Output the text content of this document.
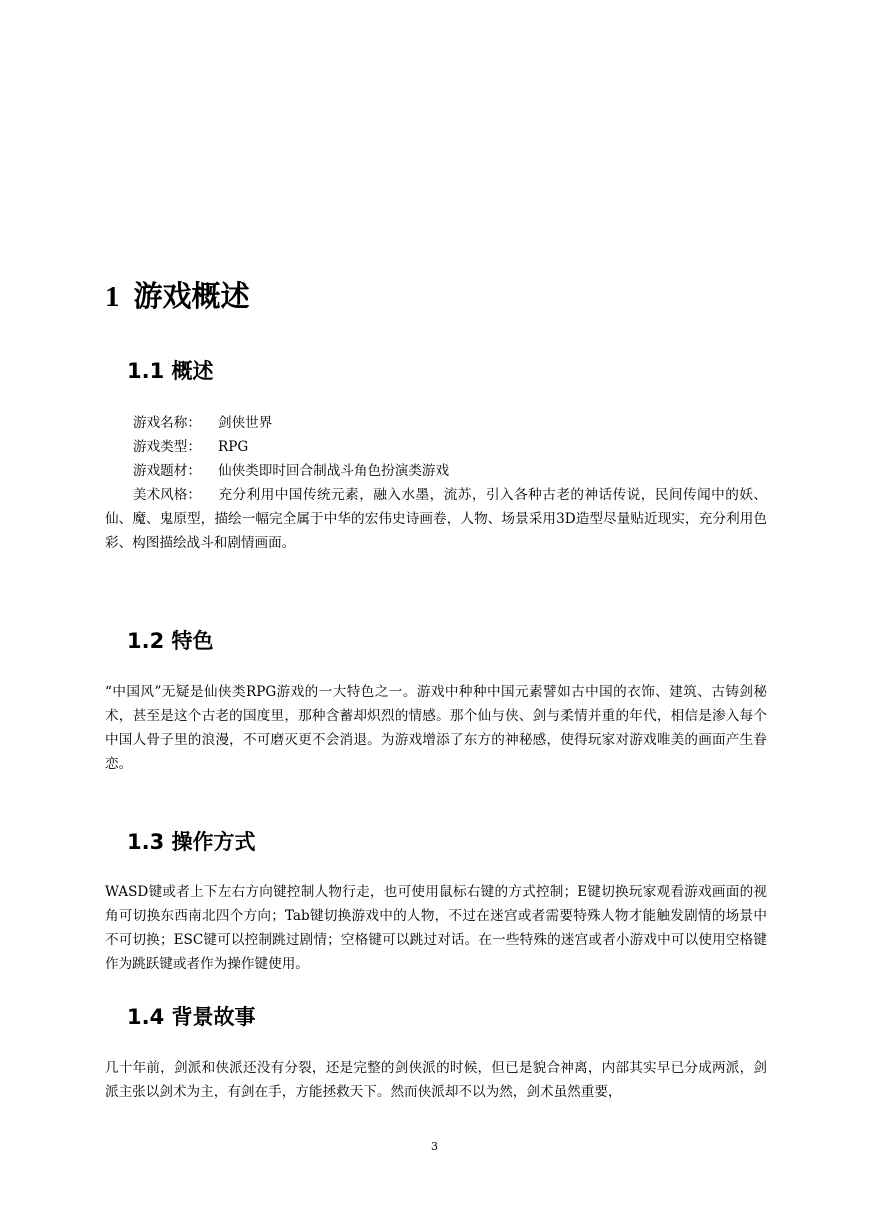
1 游戏概述
1.1 概述
游戏名称：	剑侠世界
游戏类型：	RPG
游戏题材：	仙侠类即时回合制战斗角色扮演类游戏

美术风格： 充分利用中国传统元素，融入水墨，流苏，引入各种古老的神话传说，民间传闻中的妖、仙、魔、鬼原型，描绘一幅完全属于中华的宏伟史诗画卷，人物、场景采用3D造型尽量贴近现实，充分利用色彩、构图描绘战斗和剧情画面。

1.2 特色

“中国风”无疑是仙侠类RPG游戏的一大特色之一。游戏中种种中国元素譬如古中国的衣饰、建筑、古铸剑秘术，甚至是这个古老的国度里，那种含蓄却炽烈的情感。那个仙与侠、剑与柔情并重的年代，相信是渗入每个中国人骨子里的浪漫，不可磨灭更不会消退。为游戏增添了东方的神秘感，使得玩家对游戏唯美的画面产生眷恋。

1.3 操作方式

WASD键或者上下左右方向键控制人物行走，也可使用鼠标右键的方式控制；E键切换玩家观看游戏画面的视角可切换东西南北四个方向；Tab键切换游戏中的人物，不过在迷宫或者需要特殊人物才能触发剧情的场景中不可切换；ESC键可以控制跳过剧情；空格键可以跳过对话。在一些特殊的迷宫或者小游戏中可以使用空格键作为跳跃键或者作为操作键使用。

1.4 背景故事

几十年前，剑派和侠派还没有分裂，还是完整的剑侠派的时候，但已是貌合神离，内部其实早已分成两派，剑派主张以剑术为主，有剑在手，方能拯救天下。然而侠派却不以为然，剑术虽然重要，

3
